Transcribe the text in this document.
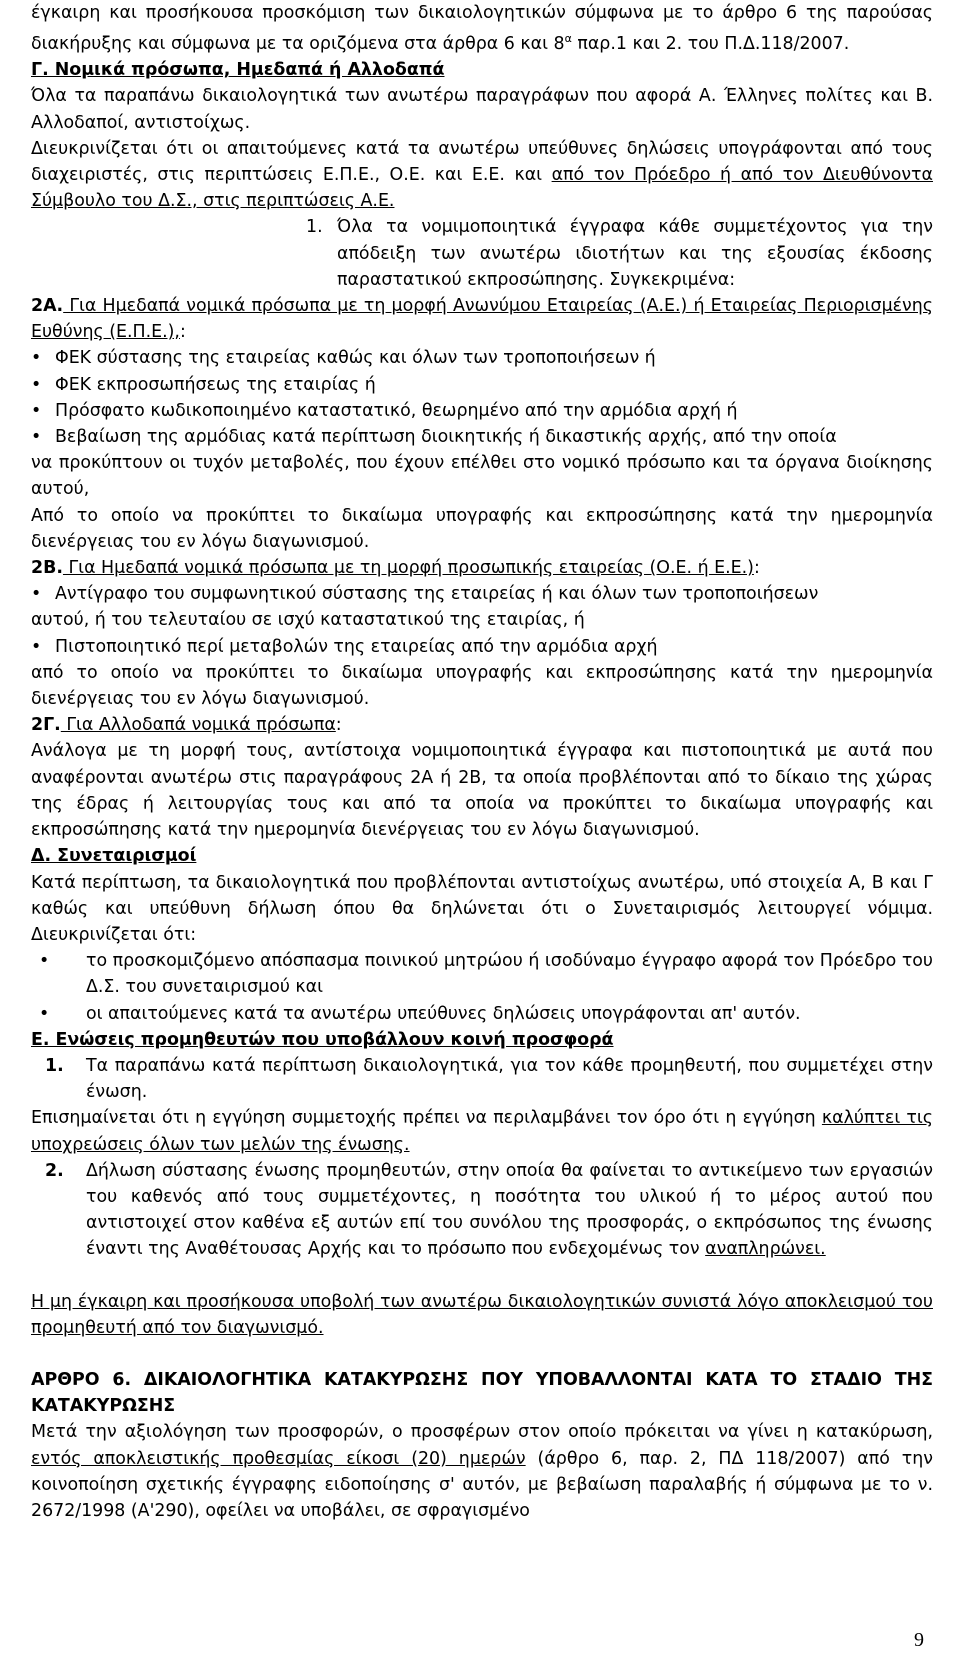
έγκαιρη και προσήκουσα προσκόμιση των δικαιολογητικών σύμφωνα με το άρθρο 6 της παρούσας διακήρυξης και σύμφωνα με τα οριζόμενα στα άρθρα 6 και $8^\alpha$ παρ.1 και 2. του Π.Δ.118/2007.

Γ. Νομικά πρόσωπα, Ημεδαπά ή Αλλοδαπά

Όλα τα παραπάνω δικαιολογητικά των ανωτέρω παραγράφων που αφορά Α. Έλληνες πολίτες και Β. Αλλοδαποί, αντιστοίχως.

Διευκρινίζεται ότι οι απαιτούμενες κατά τα ανωτέρω υπεύθυνες δηλώσεις υπογράφονται από τους διαχειριστές, στις περιπτώσεις Ε.Π.Ε., Ο.Ε. και Ε.Ε. και από τον Πρόεδρο ή από τον Διευθύνοντα Σύμβουλο του Δ.Σ., στις περιπτώσεις Α.Ε.

1. Όλα τα νομιμοποιητικά έγγραφα κάθε συμμετέχοντος για την απόδειξη των ανωτέρω ιδιοτήτων και της εξουσίας έκδοσης παραστατικού εκπροσώπησης. Συγκεκριμένα:

2Α. Για Ημεδαπά νομικά πρόσωπα με τη μορφή Ανωνύμου Εταιρείας (Α.Ε.) ή Εταιρείας Περιορισμένης Ευθύνης (Ε.Π.Ε.),:

• ΦΕΚ σύστασης της εταιρείας καθώς και όλων των τροποποιήσεων ή
• ΦΕΚ εκπροσωπήσεως της εταιρίας ή
• Πρόσφατο κωδικοποιημένο καταστατικό, θεωρημένο από την αρμόδια αρχή ή
• Βεβαίωση της αρμόδιας κατά περίπτωση διοικητικής ή δικαστικής αρχής, από την οποία

να προκύπτουν οι τυχόν μεταβολές, που έχουν επέλθει στο νομικό πρόσωπο και τα όργανα διοίκησης αυτού,

Από το οποίο να προκύπτει το δικαίωμα υπογραφής και εκπροσώπησης κατά την ημερομηνία διενέργειας του εν λόγω διαγωνισμού.

2Β. Για Ημεδαπά νομικά πρόσωπα με τη μορφή προσωπικής εταιρείας (Ο.Ε. ή Ε.Ε.):

• Αντίγραφο του συμφωνητικού σύστασης της εταιρείας ή και όλων των τροποποιήσεων

αυτού, ή του τελευταίου σε ισχύ καταστατικού της εταιρίας, ή

• Πιστοποιητικό περί μεταβολών της εταιρείας από την αρμόδια αρχή

από το οποίο να προκύπτει το δικαίωμα υπογραφής και εκπροσώπησης κατά την ημερομηνία διενέργειας του εν λόγω διαγωνισμού.

2Γ. Για Αλλοδαπά νομικά πρόσωπα:

Ανάλογα με τη μορφή τους, αντίστοιχα νομιμοποιητικά έγγραφα και πιστοποιητικά με αυτά που αναφέρονται ανωτέρω στις παραγράφους 2Α ή 2Β, τα οποία προβλέπονται από το δίκαιο της χώρας της έδρας ή λειτουργίας τους και από τα οποία να προκύπτει το δικαίωμα υπογραφής και εκπροσώπησης κατά την ημερομηνία διενέργειας του εν λόγω διαγωνισμού.

Δ. Συνεταιρισμοί

Κατά περίπτωση, τα δικαιολογητικά που προβλέπονται αντιστοίχως ανωτέρω, υπό στοιχεία Α, Β και Γ καθώς και υπεύθυνη δήλωση όπου θα δηλώνεται ότι ο Συνεταιρισμός λειτουργεί νόμιμα. Διευκρινίζεται ότι:

• το προσκομιζόμενο απόσπασμα ποινικού μητρώου ή ισοδύναμο έγγραφο αφορά τον Πρόεδρο του Δ.Σ. του συνεταιρισμού και
• οι απαιτούμενες κατά τα ανωτέρω υπεύθυνες δηλώσεις υπογράφονται απ' αυτόν.

Ε. Ενώσεις προμηθευτών που υποβάλλουν κοινή προσφορά

1. Τα παραπάνω κατά περίπτωση δικαιολογητικά, για τον κάθε προμηθευτή, που συμμετέχει στην ένωση.

Επισημαίνεται ότι η εγγύηση συμμετοχής πρέπει να περιλαμβάνει τον όρο ότι η εγγύηση καλύπτει τις υποχρεώσεις όλων των μελών της ένωσης.

2. Δήλωση σύστασης ένωσης προμηθευτών, στην οποία θα φαίνεται το αντικείμενο των εργασιών του καθενός από τους συμμετέχοντες, η ποσότητα του υλικού ή το μέρος αυτού που αντιστοιχεί στον καθένα εξ αυτών επί του συνόλου της προσφοράς, ο εκπρόσωπος της ένωσης έναντι της Αναθέτουσας Αρχής και το πρόσωπο που ενδεχομένως τον αναπληρώνει.

Η μη έγκαιρη και προσήκουσα υποβολή των ανωτέρω δικαιολογητικών συνιστά λόγο αποκλεισμού του προμηθευτή από τον διαγωνισμό.

ΑΡΘΡΟ 6. ΔΙΚΑΙΟΛΟΓΗΤΙΚΑ ΚΑΤΑΚΥΡΩΣΗΣ ΠΟΥ ΥΠΟΒΑΛΛΟΝΤΑΙ ΚΑΤΑ ΤΟ ΣΤΑΔΙΟ ΤΗΣ ΚΑΤΑΚΥΡΩΣΗΣ

Μετά την αξιολόγηση των προσφορών, ο προσφέρων στον οποίο πρόκειται να γίνει η κατακύρωση, εντός αποκλειστικής προθεσμίας είκοσι (20) ημερών (άρθρο 6, παρ. 2, ΠΔ 118/2007) από την κοινοποίηση σχετικής έγγραφης ειδοποίησης σ' αυτόν, με βεβαίωση παραλαβής ή σύμφωνα με το ν. 2672/1998 (Α'290), οφείλει να υποβάλει, σε σφραγισμένο

9
